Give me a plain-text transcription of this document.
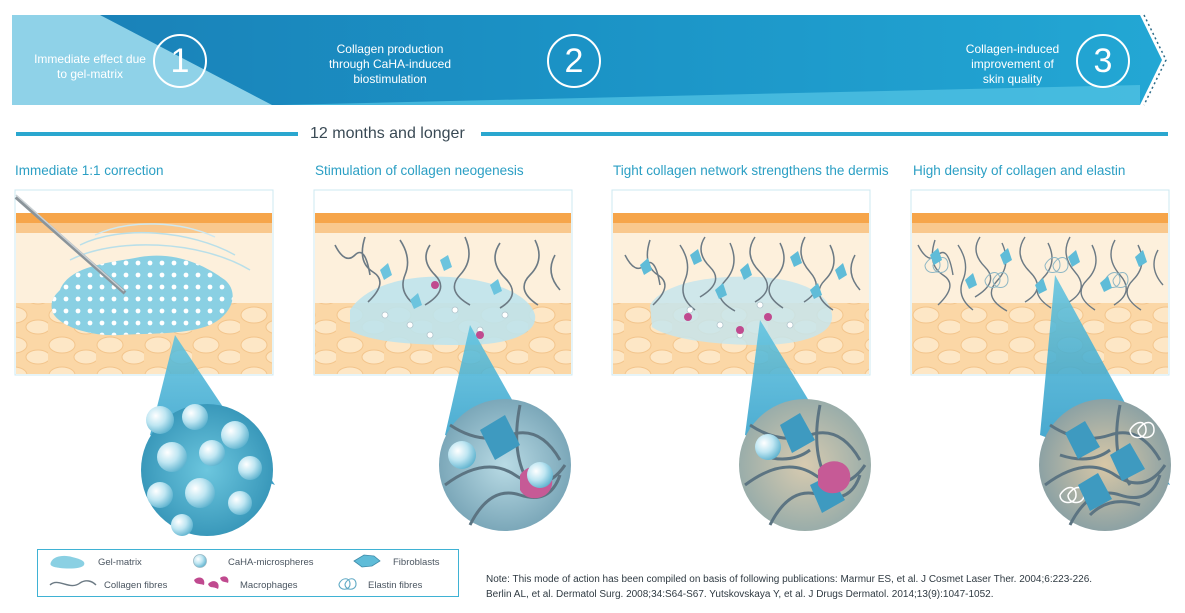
Immediate effect due
to gel-matrix	1	Collagen production
through CaHA-induced
biostimulation	2	Collagen-induced
improvement of
skin quality	3
12 months and longer
Immediate 1:1 correction	Stimulation of collagen neogenesis	Tight collagen network strengthens the dermis High density of collagen and elastin
Gel-matrix	CaHA-microspheres	Fibroblasts
Collagen fibres	Macrophages	Elastin fibres
Note: This mode of action has been compiled on basis of following publications: Marmur ES, et al. J Cosmet Laser Ther. 2004;6:223-226.
Berlin AL, et al. Dermatol Surg. 2008;34:S64-S67. Yutskovskaya Y, et al. J Drugs Dermatol. 2014;13(9):1047-1052.
